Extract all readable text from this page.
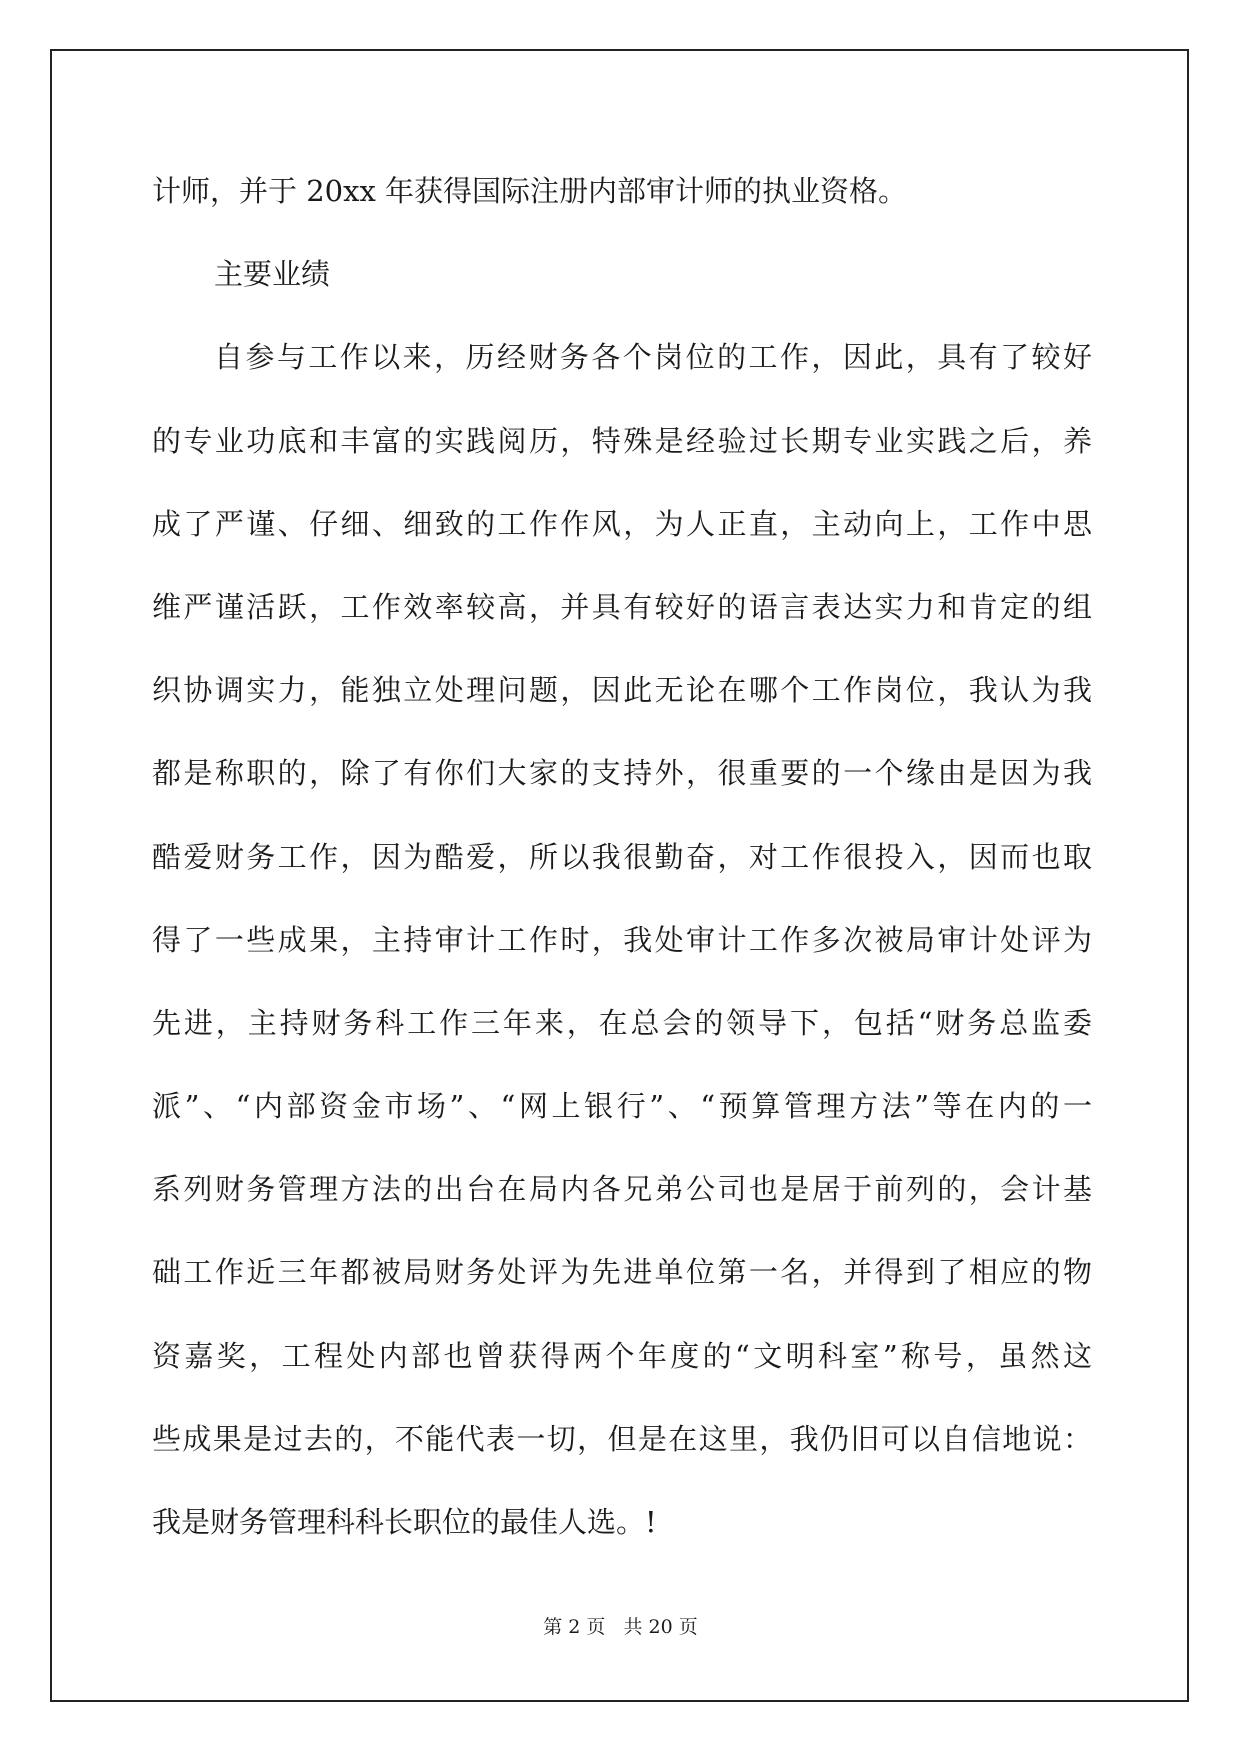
计师，并于 20xx 年获得国际注册内部审计师的执业资格。
主要业绩
自参与工作以来，历经财务各个岗位的工作，因此，具有了较好
的专业功底和丰富的实践阅历，特殊是经验过长期专业实践之后，养
成了严谨、仔细、细致的工作作风，为人正直，主动向上，工作中思
维严谨活跃，工作效率较高，并具有较好的语言表达实力和肯定的组
织协调实力，能独立处理问题，因此无论在哪个工作岗位，我认为我
都是称职的，除了有你们大家的支持外，很重要的一个缘由是因为我
酷爱财务工作，因为酷爱，所以我很勤奋，对工作很投入，因而也取
得了一些成果，主持审计工作时，我处审计工作多次被局审计处评为
先进，主持财务科工作三年来，在总会的领导下，包括“财务总监委
派”、“内部资金市场”、“网上银行”、“预算管理方法”等在内的一
系列财务管理方法的出台在局内各兄弟公司也是居于前列的，会计基
础工作近三年都被局财务处评为先进单位第一名，并得到了相应的物
资嘉奖，工程处内部也曾获得两个年度的“文明科室”称号，虽然这
些成果是过去的，不能代表一切，但是在这里，我仍旧可以自信地说：
我是财务管理科科长职位的最佳人选。!
第 2 页 共 20 页
